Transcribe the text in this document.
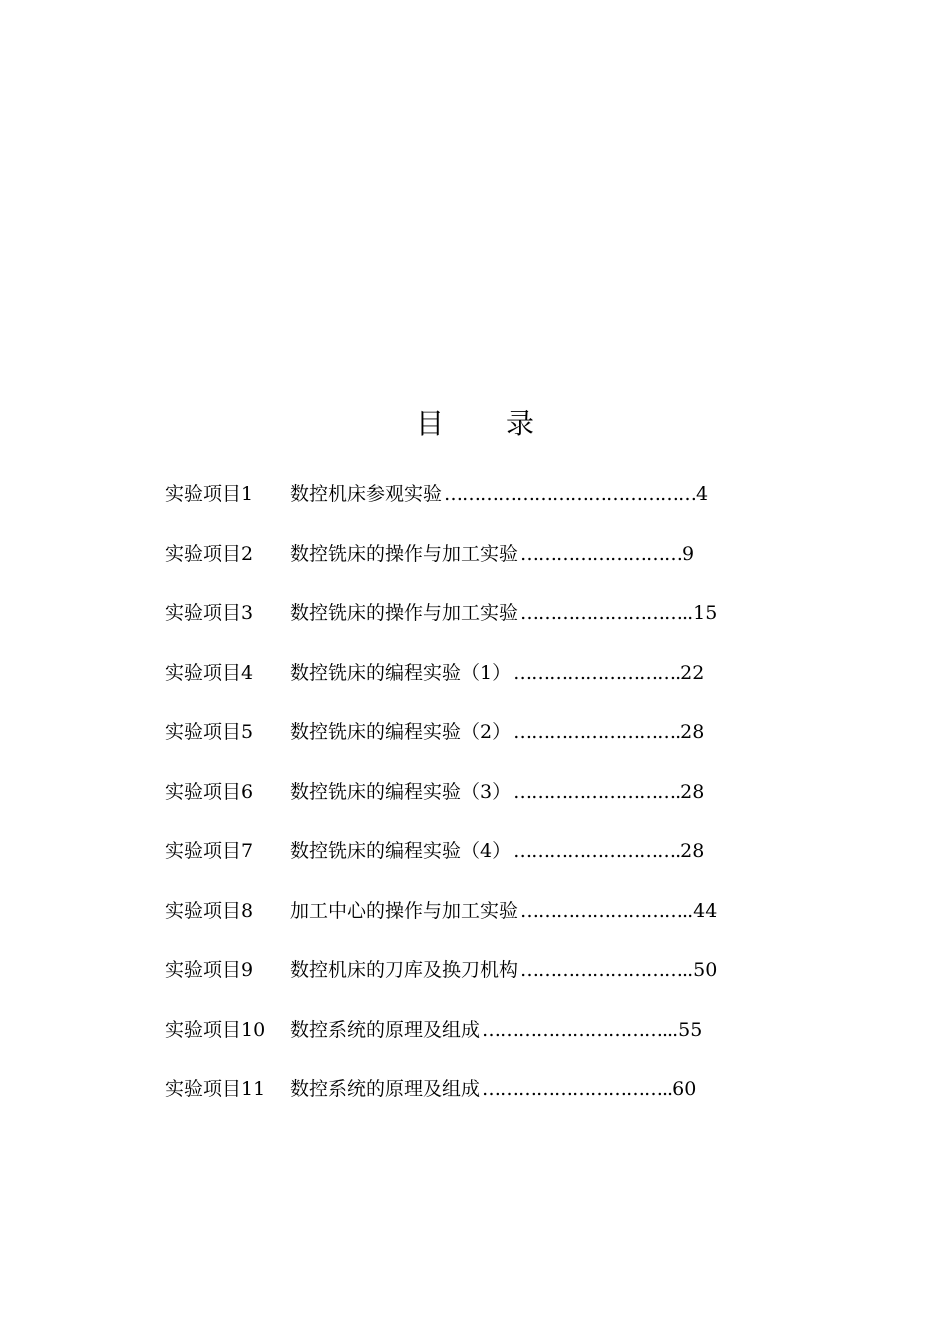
目 录
实验项目1 数控机床参观实验 ……………………………………4
实验项目2 数控铣床的操作与加工实验 ………………………9
实验项目3 数控铣床的操作与加工实验 ………………………..15
实验项目4 数控铣床的编程实验（1） ……………………….22
实验项目5 数控铣床的编程实验（2） ……………………….28
实验项目6 数控铣床的编程实验（3） ……………………….28
实验项目7 数控铣床的编程实验（4） ……………………….28
实验项目8 加工中心的操作与加工实验 ………………………..44
实验项目9 数控机床的刀库及换刀机构 ………………………..50
实验项目10 数控系统的原理及组成 …………………………...55
实验项目11 数控系统的原理及组成 …………………………..60
